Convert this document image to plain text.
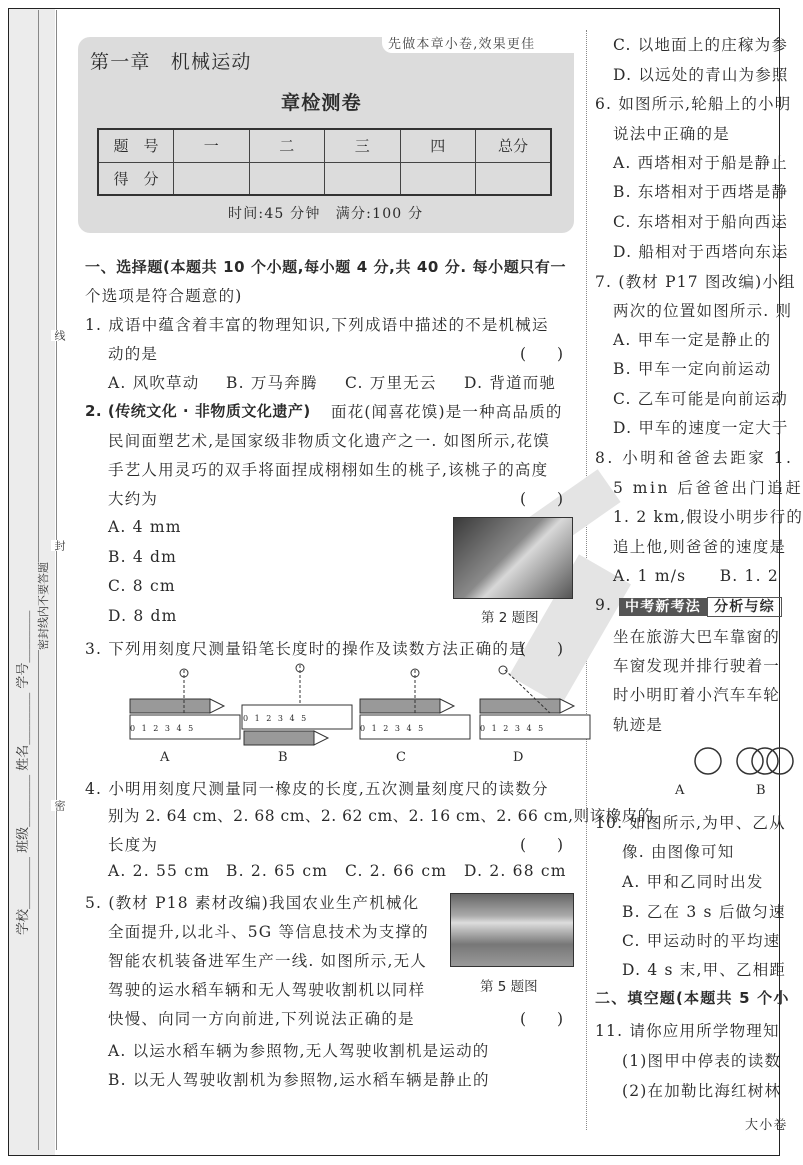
学校________ 班级________ 姓名________ 学号________
密封线内不要答题
线
封
密
先做本章小卷,效果更佳
第一章　机械运动
章检测卷
题　号	一	二	三	四	总分
得　分					
时间:45 分钟　满分:100 分
一、选择题(本题共 10 个小题,每小题 4 分,共 40 分. 每小题只有一
个选项是符合题意的)
1. 成语中蕴含着丰富的物理知识,下列成语中描述的不是机械运
动的是	(　　)
A. 风吹草动 B. 万马奔腾 C. 万里无云 D. 背道而驰
2. (传统文化 · 非物质文化遗产) 面花(闻喜花馍)是一种高品质的
民间面塑艺术,是国家级非物质文化遗产之一. 如图所示,花馍
手艺人用灵巧的双手将面捏成栩栩如生的桃子,该桃子的高度
大约为	(　　)
A. 4 mm
B. 4 dm
C. 8 cm
D. 8 dm	第 2 题图
3. 下列用刻度尺测量铅笔长度时的操作及读数方法正确的是
(　　)
0 1 2 3 4 5
0 1 2 3 4 5
0 1 2 3 4 5	0 1 2 3 4 5
A	B	C	D
4. 小明用刻度尺测量同一橡皮的长度,五次测量刻度尺的读数分
别为 2. 64 cm、2. 68 cm、2. 62 cm、2. 16 cm、2. 66 cm,则该橡皮的
长度为	(　　)
A. 2. 55 cm B. 2. 65 cm C. 2. 66 cm D. 2. 68 cm
5. (教材 P18 素材改编)我国农业生产机械化
全面提升,以北斗、5G 等信息技术为支撑的
智能农机装备进军生产一线. 如图所示,无人
驾驶的运水稻车辆和无人驾驶收割机以同样
快慢、向同一方向前进,下列说法正确的是	(　　)
A. 以运水稻车辆为参照物,无人驾驶收割机是运动的
B. 以无人驾驶收割机为参照物,运水稻车辆是静止的
第 5 题图
C. 以地面上的庄稼为参
D. 以远处的青山为参照
6. 如图所示,轮船上的小明
说法中正确的是
A. 西塔相对于船是静止
B. 东塔相对于西塔是静
C. 东塔相对于船向西运
D. 船相对于西塔向东运
7. (教材 P17 图改编)小组
两次的位置如图所示. 则
A. 甲车一定是静止的
B. 甲车一定向前运动
C. 乙车可能是向前运动
D. 甲车的速度一定大于
8. 小明和爸爸去距家 1.
5 min 后爸爸出门追赶
1. 2 km,假设小明步行的
追上他,则爸爸的速度是
A. 1 m/s　　B. 1. 2
9. 中考新考法 分析与综
坐在旅游大巴车靠窗的
车窗发现并排行驶着一
时小明盯着小汽车车轮
轨迹是
A	B
10. 如图所示,为甲、乙从
像. 由图像可知
A. 甲和乙同时出发
B. 乙在 3 s 后做匀速
C. 甲运动时的平均速
D. 4 s 末,甲、乙相距
二、填空题(本题共 5 个小
11. 请你应用所学物理知
(1)图甲中停表的读数
(2)在加勒比海红树林
大小卷
